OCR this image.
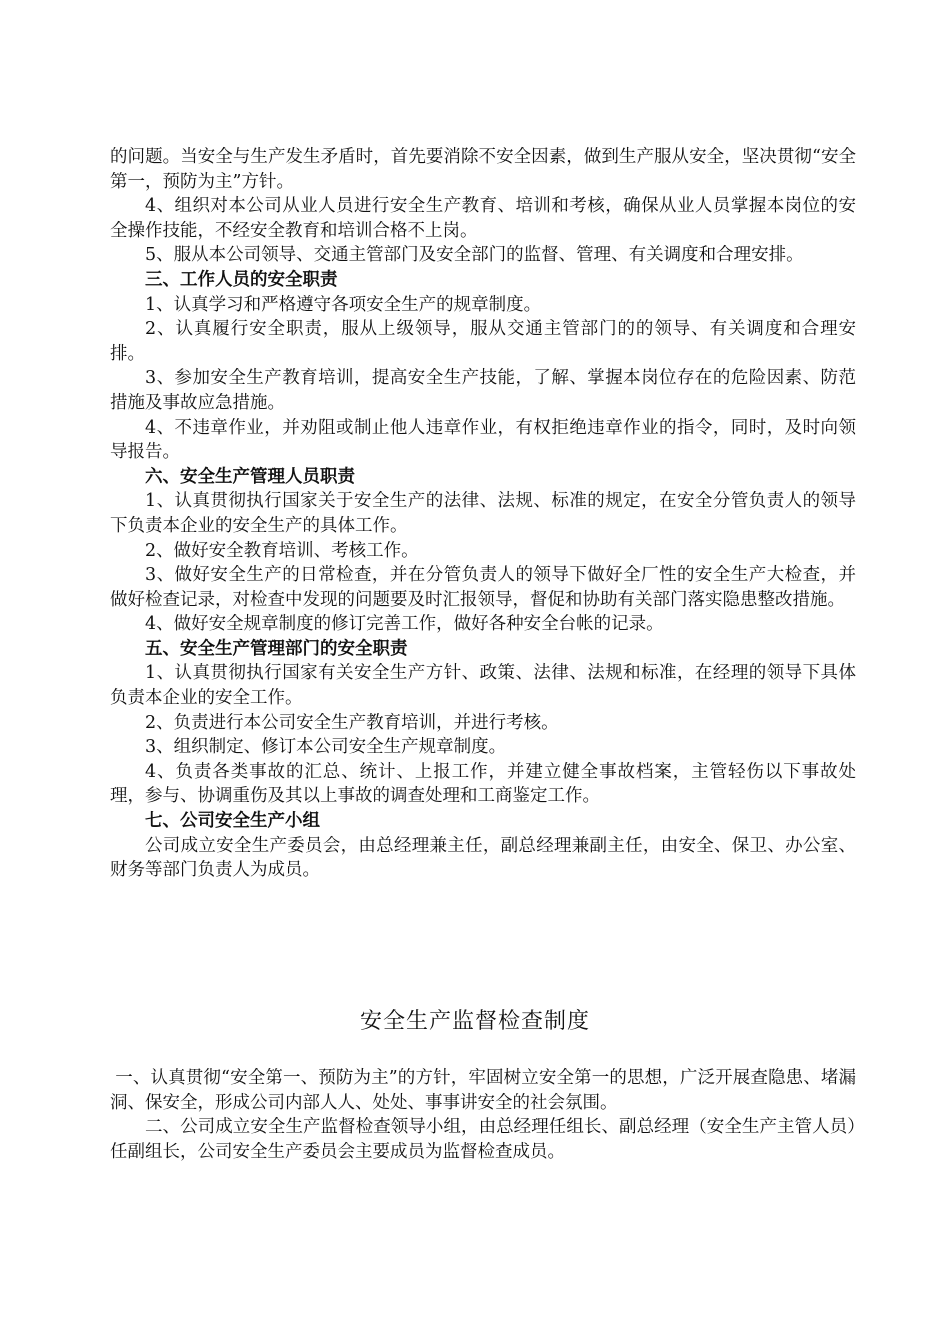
的问题。当安全与生产发生矛盾时，首先要消除不安全因素，做到生产服从安全，坚决贯彻“安全第一，预防为主”方针。

4、组织对本公司从业人员进行安全生产教育、培训和考核，确保从业人员掌握本岗位的安全操作技能，不经安全教育和培训合格不上岗。

5、服从本公司领导、交通主管部门及安全部门的监督、管理、有关调度和合理安排。

三、工作人员的安全职责

1、认真学习和严格遵守各项安全生产的规章制度。

2、认真履行安全职责，服从上级领导，服从交通主管部门的的领导、有关调度和合理安排。

3、参加安全生产教育培训，提高安全生产技能，了解、掌握本岗位存在的危险因素、防范措施及事故应急措施。

4、不违章作业，并劝阻或制止他人违章作业，有权拒绝违章作业的指令，同时，及时向领导报告。

六、安全生产管理人员职责

1、认真贯彻执行国家关于安全生产的法律、法规、标准的规定，在安全分管负责人的领导下负责本企业的安全生产的具体工作。

2、做好安全教育培训、考核工作。

3、做好安全生产的日常检查，并在分管负责人的领导下做好全厂性的安全生产大检查，并做好检查记录，对检查中发现的问题要及时汇报领导，督促和协助有关部门落实隐患整改措施。

4、做好安全规章制度的修订完善工作，做好各种安全台帐的记录。

五、安全生产管理部门的安全职责

1、认真贯彻执行国家有关安全生产方针、政策、法律、法规和标准，在经理的领导下具体负责本企业的安全工作。

2、负责进行本公司安全生产教育培训，并进行考核。

3、组织制定、修订本公司安全生产规章制度。

4、负责各类事故的汇总、统计、上报工作，并建立健全事故档案，主管轻伤以下事故处理，参与、协调重伤及其以上事故的调查处理和工商鉴定工作。

七、公司安全生产小组

公司成立安全生产委员会，由总经理兼主任，副总经理兼副主任，由安全、保卫、办公室、财务等部门负责人为成员。

安全生产监督检查制度

一、认真贯彻“安全第一、预防为主”的方针，牢固树立安全第一的思想，广泛开展查隐患、堵漏洞、保安全，形成公司内部人人、处处、事事讲安全的社会氛围。

二、公司成立安全生产监督检查领导小组，由总经理任组长、副总经理（安全生产主管人员）任副组长，公司安全生产委员会主要成员为监督检查成员。
